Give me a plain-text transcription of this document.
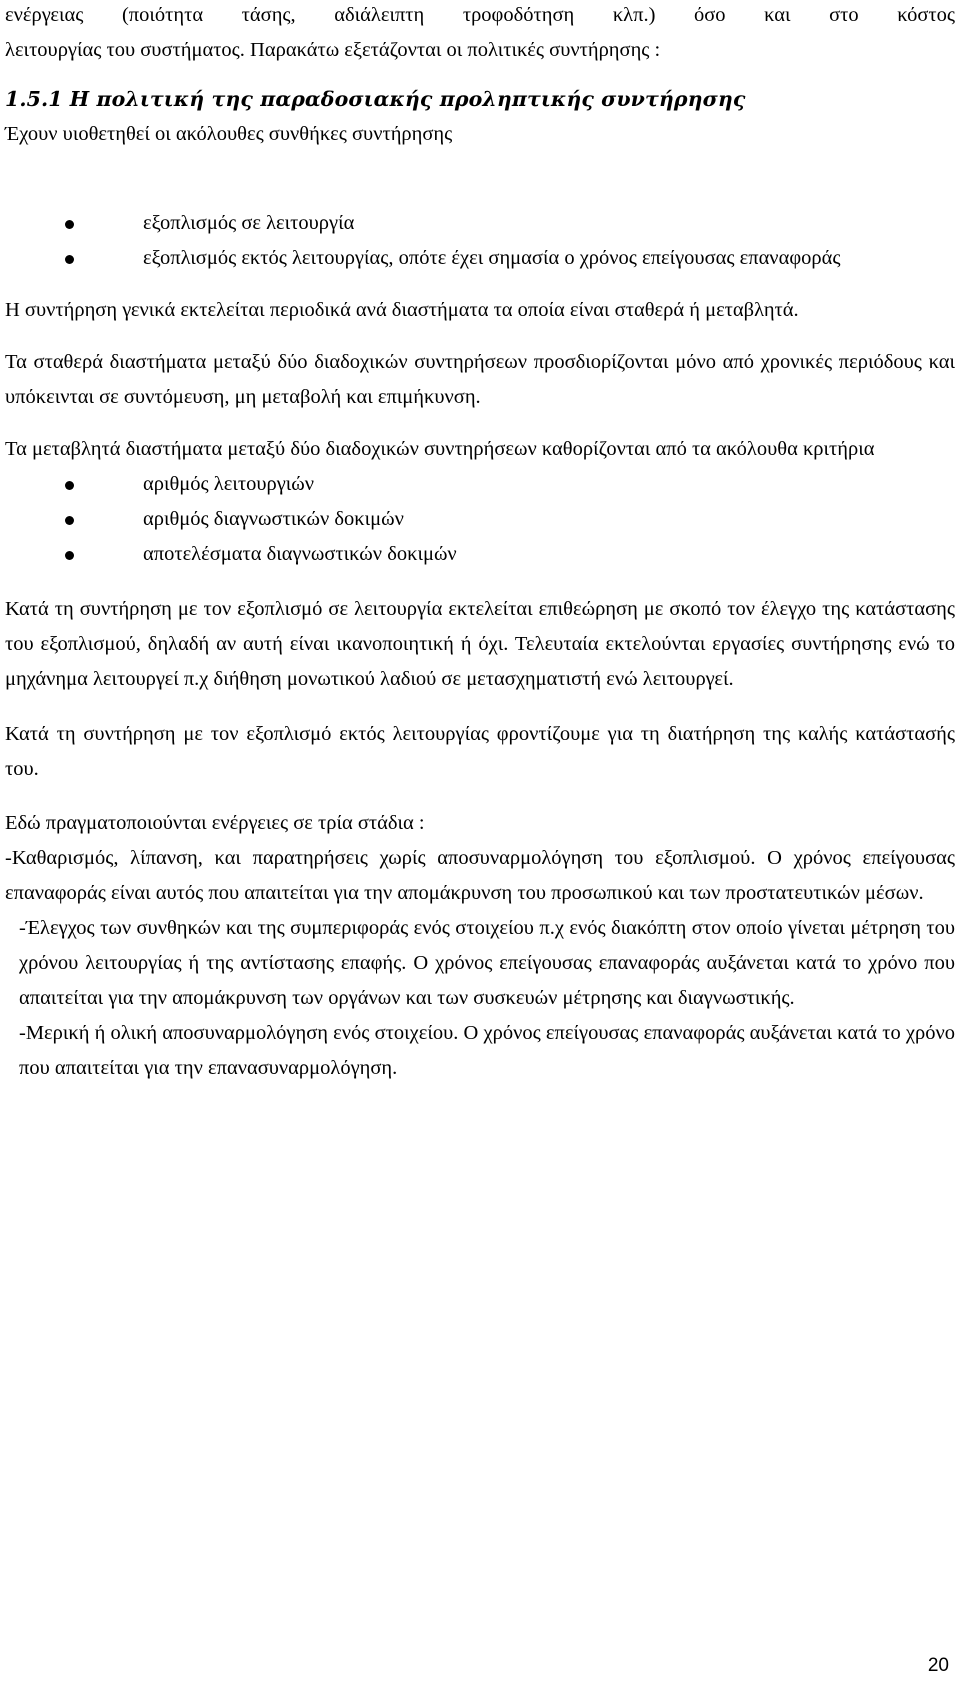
ενέργειας (ποιότητα τάσης, αδιάλειπτη τροφοδότηση κλπ.) όσο και στο κόστος

λειτουργίας του συστήματος. Παρακάτω εξετάζονται οι πολιτικές συντήρησης :

1.5.1 Η πολιτική της παραδοσιακής προληπτικής συντήρησης

Έχουν υιοθετηθεί οι ακόλουθες συνθήκες συντήρησης

εξοπλισμός σε λειτουργία
εξοπλισμός εκτός λειτουργίας, οπότε έχει σημασία ο χρόνος επείγουσας επαναφοράς

Η συντήρηση γενικά εκτελείται περιοδικά ανά διαστήματα τα οποία είναι σταθερά ή μεταβλητά.

Τα σταθερά διαστήματα μεταξύ δύο διαδοχικών συντηρήσεων προσδιορίζονται μόνο από χρονικές περιόδους και υπόκεινται σε συντόμευση, μη μεταβολή και επιμήκυνση.

Τα μεταβλητά διαστήματα μεταξύ δύο διαδοχικών συντηρήσεων καθορίζονται από τα ακόλουθα κριτήρια

αριθμός λειτουργιών
αριθμός διαγνωστικών δοκιμών
αποτελέσματα διαγνωστικών δοκιμών

Κατά τη συντήρηση με τον εξοπλισμό σε λειτουργία εκτελείται επιθεώρηση με σκοπό τον έλεγχο της κατάστασης του εξοπλισμού, δηλαδή αν αυτή είναι ικανοποιητική ή όχι. Τελευταία εκτελούνται εργασίες συντήρησης ενώ το μηχάνημα λειτουργεί π.χ διήθηση μονωτικού λαδιού σε μετασχηματιστή ενώ λειτουργεί.

Κατά τη συντήρηση με τον εξοπλισμό εκτός λειτουργίας φροντίζουμε για τη διατήρηση της καλής κατάστασής του.

Εδώ πραγματοποιούνται ενέργειες σε τρία στάδια :

-Καθαρισμός, λίπανση, και παρατηρήσεις χωρίς αποσυναρμολόγηση του εξοπλισμού. Ο χρόνος επείγουσας επαναφοράς είναι αυτός που απαιτείται για την απομάκρυνση του προσωπικού και των προστατευτικών μέσων.

-Έλεγχος των συνθηκών και της συμπεριφοράς ενός στοιχείου π.χ ενός διακόπτη στον οποίο γίνεται μέτρηση του χρόνου λειτουργίας ή της αντίστασης επαφής. Ο χρόνος επείγουσας επαναφοράς αυξάνεται κατά το χρόνο που απαιτείται για την απομάκρυνση των οργάνων και των συσκευών μέτρησης και διαγνωστικής.

-Μερική ή ολική αποσυναρμολόγηση ενός στοιχείου. Ο χρόνος επείγουσας επαναφοράς αυξάνεται κατά το χρόνο που απαιτείται για την επανασυναρμολόγηση.

20
